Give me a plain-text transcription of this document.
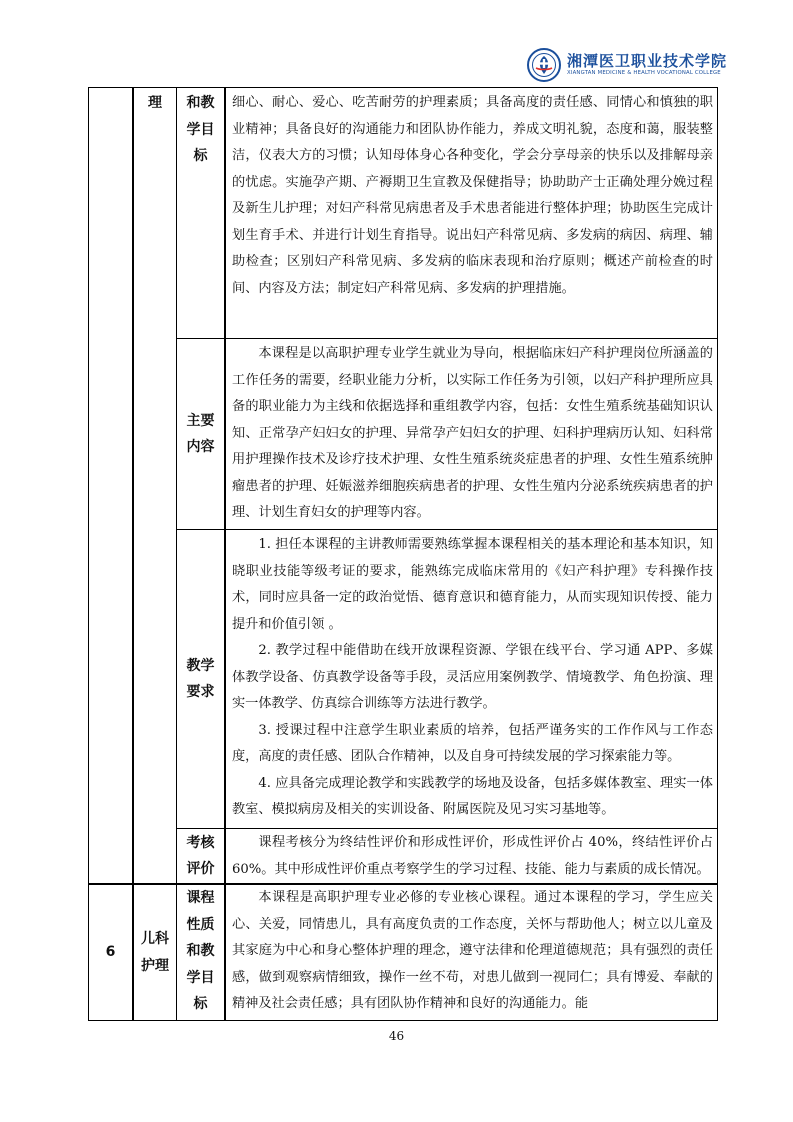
湘潭医卫职业技术学院
XIANGTAN MEDICINE & HEALTH VOCATIONAL COLLEGE
理 和教
学目
标

细心、耐心、爱心、吃苦耐劳的护理素质；具备高度的责任感、同情心和慎独的职业精神；具备良好的沟通能力和团队协作能力，养成文明礼貌，态度和蔼，服装整洁，仪表大方的习惯；认知母体身心各种变化，学会分享母亲的快乐以及排解母亲的忧虑。实施孕产期、产褥期卫生宣教及保健指导；协助助产士正确处理分娩过程及新生儿护理；对妇产科常见病患者及手术患者能进行整体护理；协助医生完成计划生育手术、并进行计划生育指导。说出妇产科常见病、多发病的病因、病理、辅助检查；区别妇产科常见病、多发病的临床表现和治疗原则；概述产前检查的时间、内容及方法；制定妇产科常见病、多发病的护理措施。

主要
内容

本课程是以高职护理专业学生就业为导向，根据临床妇产科护理岗位所涵盖的工作任务的需要，经职业能力分析，以实际工作任务为引领，以妇产科护理所应具备的职业能力为主线和依据选择和重组教学内容，包括：女性生殖系统基础知识认知、正常孕产妇妇女的护理、异常孕产妇妇女的护理、妇科护理病历认知、妇科常用护理操作技术及诊疗技术护理、女性生殖系统炎症患者的护理、女性生殖系统肿瘤患者的护理、妊娠滋养细胞疾病患者的护理、女性生殖内分泌系统疾病患者的护理、计划生育妇女的护理等内容。

教学
要求

1. 担任本课程的主讲教师需要熟练掌握本课程相关的基本理论和基本知识，知晓职业技能等级考证的要求，能熟练完成临床常用的《妇产科护理》专科操作技术，同时应具备一定的政治觉悟、德育意识和德育能力，从而实现知识传授、能力提升和价值引领 。

2. 教学过程中能借助在线开放课程资源、学银在线平台、学习通 APP、多媒体教学设备、仿真教学设备等手段，灵活应用案例教学、情境教学、角色扮演、理实一体教学、仿真综合训练等方法进行教学。

3. 授课过程中注意学生职业素质的培养，包括严谨务实的工作作风与工作态度，高度的责任感、团队合作精神，以及自身可持续发展的学习探索能力等。

4. 应具备完成理论教学和实践教学的场地及设备，包括多媒体教室、理实一体教室、模拟病房及相关的实训设备、附属医院及见习实习基地等。

考核
评价

课程考核分为终结性评价和形成性评价，形成性评价占 40%，终结性评价占 60%。其中形成性评价重点考察学生的学习过程、技能、能力与素质的成长情况。

6
儿科
护理
课程
性质
和教
学目
标

本课程是高职护理专业必修的专业核心课程。通过本课程的学习，学生应关心、关爱，同情患儿，具有高度负责的工作态度，关怀与帮助他人；树立以儿童及其家庭为中心和身心整体护理的理念，遵守法律和伦理道德规范；具有强烈的责任感，做到观察病情细致，操作一丝不苟，对患儿做到一视同仁；具有博爱、奉献的精神及社会责任感；具有团队协作精神和良好的沟通能力。能

46
